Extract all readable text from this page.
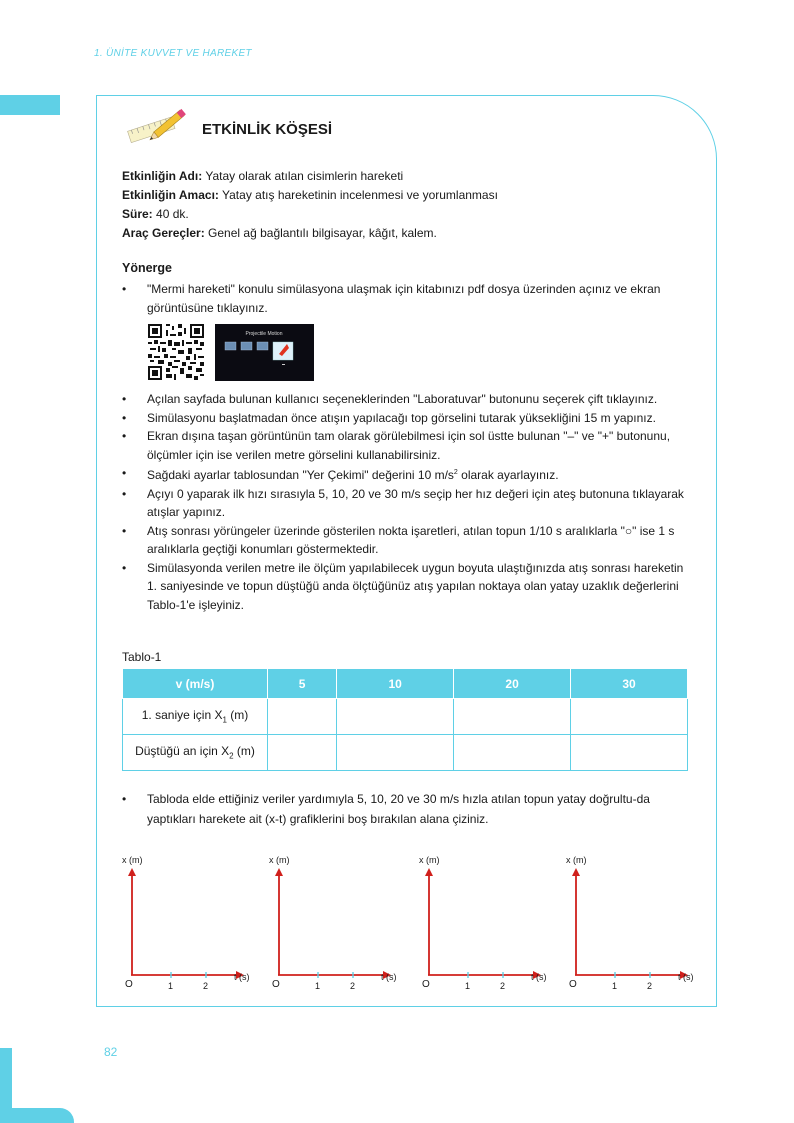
1. ÜNİTE KUVVET VE HAREKET
82
ETKİNLİK KÖŞESİ
Etkinliğin Adı: Yatay olarak atılan cisimlerin hareketi
Etkinliğin Amacı: Yatay atış hareketinin incelenmesi ve yorumlanması
Süre: 40 dk.
Araç Gereçler: Genel ağ bağlantılı bilgisayar, kâğıt, kalem.
Yönerge
• "Mermi hareketi" konulu simülasyona ulaşmak için kitabınızı pdf dosya üzerinden açınız ve ekran görüntüsüne tıklayınız.
Projectile Motion
• Açılan sayfada bulunan kullanıcı seçeneklerinden "Laboratuvar" butonunu seçerek çift tıklayınız.
• Simülasyonu başlatmadan önce atışın yapılacağı top görselini tutarak yüksekliğini 15 m yapınız.
• Ekran dışına taşan görüntünün tam olarak görülebilmesi için sol üstte bulunan "–" ve "+" butonunu, ölçümler için ise verilen metre görselini kullanabilirsiniz.
• Sağdaki ayarlar tablosundan "Yer Çekimi" değerini 10 $m/s^2$ olarak ayarlayınız.
• Açıyı 0 yaparak ilk hızı sırasıyla 5, 10, 20 ve 30 m/s seçip her hız değeri için ateş butonuna tıklayarak atışlar yapınız.
• Atış sonrası yörüngeler üzerinde gösterilen nokta işaretleri, atılan topun 1/10 s aralıklarla "○" ise 1 s aralıklarla geçtiği konumları göstermektedir.
• Simülasyonda verilen metre ile ölçüm yapılabilecek uygun boyuta ulaştığınızda atış sonrası hareketin 1. saniyesinde ve topun düştüğü anda ölçtüğünüz atış yapılan noktaya olan yatay uzaklık değerlerini Tablo-1'e işleyiniz.
Tablo-1
v (m/s)	5	10	20	30
1. saniye için $X_1$ (m)				
Düştüğü an için $X_2$ (m)				
• Tabloda elde ettiğiniz veriler yardımıyla 5, 10, 20 ve 30 m/s hızla atılan topun yatay doğrultu-da yaptıkları harekete ait (x-t) grafiklerini boş bırakılan alana çiziniz.
x (m)
O	1	2
t (s)
x (m)
O	1	2
t (s)
x (m)
O	1	2
t (s)
x (m)
O	1	2
t (s)
